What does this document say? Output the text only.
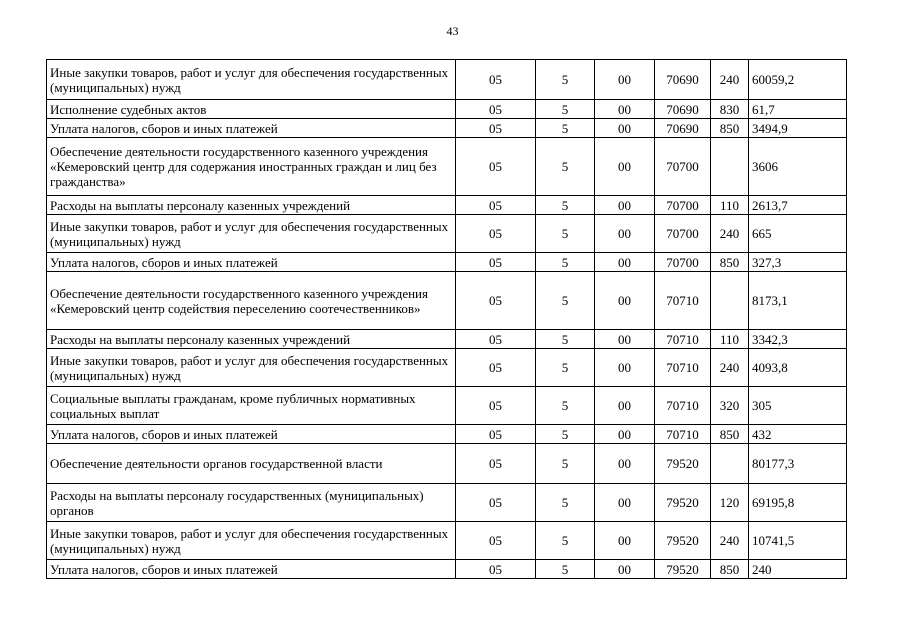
43
Иные закупки товаров, работ и услуг для обеспечения государственных (муниципальных) нужд	05	5	00	70690	240	60059,2
Исполнение судебных актов	05	5	00	70690	830	61,7
Уплата налогов, сборов и иных платежей	05	5	00	70690	850	3494,9
Обеспечение деятельности государственного казенного учреждения «Кемеровский центр для содержания иностранных граждан и лиц без гражданства»	05	5	00	70700		3606
Расходы на выплаты персоналу казенных учреждений	05	5	00	70700	110	2613,7
Иные закупки товаров, работ и услуг для обеспечения государственных (муниципальных) нужд	05	5	00	70700	240	665
Уплата налогов, сборов и иных платежей	05	5	00	70700	850	327,3
Обеспечение деятельности государственного казенного учреждения «Кемеровский центр содействия переселению соотечественников»	05	5	00	70710		8173,1
Расходы на выплаты персоналу казенных учреждений	05	5	00	70710	110	3342,3
Иные закупки товаров, работ и услуг для обеспечения государственных (муниципальных) нужд	05	5	00	70710	240	4093,8
Социальные выплаты гражданам, кроме публичных нормативных социальных выплат	05	5	00	70710	320	305
Уплата налогов, сборов и иных платежей	05	5	00	70710	850	432
Обеспечение деятельности органов государственной власти	05	5	00	79520		80177,3
Расходы на выплаты персоналу государственных (муниципальных) органов	05	5	00	79520	120	69195,8
Иные закупки товаров, работ и услуг для обеспечения государственных (муниципальных) нужд	05	5	00	79520	240	10741,5
Уплата налогов, сборов и иных платежей	05	5	00	79520	850	240
